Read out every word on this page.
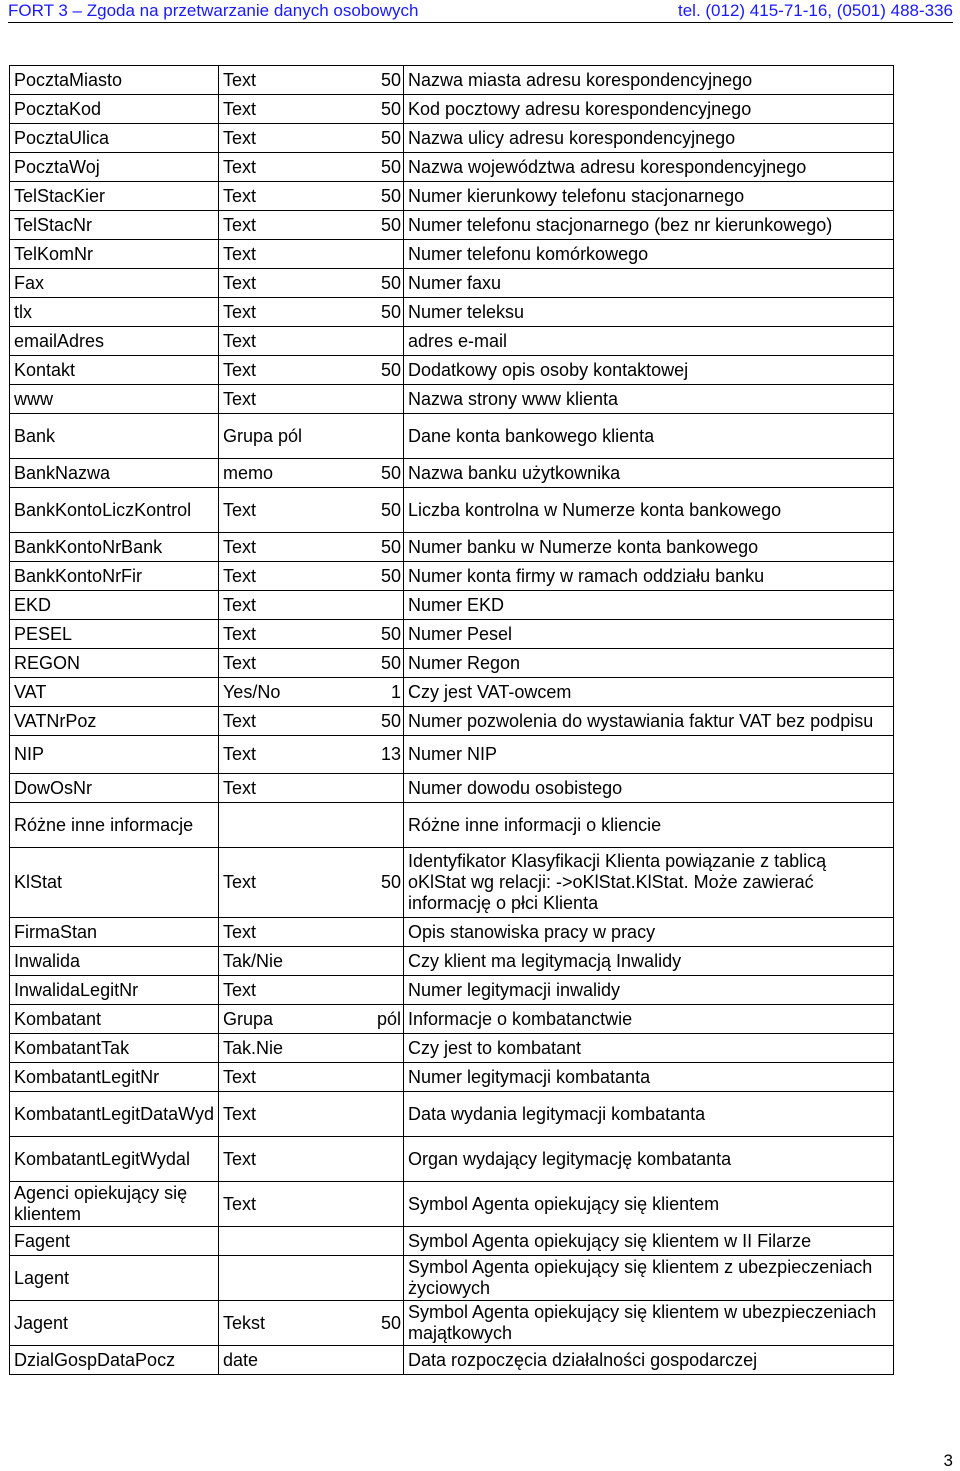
FORT 3 – Zgoda na przetwarzanie danych osobowych	tel. (012) 415-71-16, (0501) 488-336
PocztaMiasto	Text	50	Nazwa miasta adresu korespondencyjnego
PocztaKod	Text	50	Kod pocztowy adresu korespondencyjnego
PocztaUlica	Text	50	Nazwa ulicy adresu korespondencyjnego
PocztaWoj	Text	50	Nazwa województwa adresu korespondencyjnego
TelStacKier	Text	50	Numer kierunkowy telefonu stacjonarnego
TelStacNr	Text	50	Numer telefonu stacjonarnego (bez nr kierunkowego)
TelKomNr	Text		Numer telefonu komórkowego
Fax	Text	50	Numer faxu
tlx	Text	50	Numer teleksu
emailAdres	Text		adres e-mail
Kontakt	Text	50	Dodatkowy opis osoby kontaktowej
www	Text		Nazwa strony www klienta
Bank	Grupa pól		Dane konta bankowego klienta
BankNazwa	memo	50	Nazwa banku użytkownika
BankKontoLiczKontrol	Text	50	Liczba kontrolna w Numerze konta bankowego
BankKontoNrBank	Text	50	Numer banku w Numerze konta bankowego
BankKontoNrFir	Text	50	Numer konta firmy w ramach oddziału banku
EKD	Text		Numer EKD
PESEL	Text	50	Numer Pesel
REGON	Text	50	Numer Regon
VAT	Yes/No	1	Czy jest VAT-owcem
VATNrPoz	Text	50	Numer pozwolenia do wystawiania faktur VAT bez podpisu
NIP	Text	13	Numer NIP
DowOsNr	Text		Numer dowodu osobistego
Różne inne informacje			Różne inne informacji o kliencie
KlStat	Text	50	Identyfikator Klasyfikacji Klienta powiązanie z tablicą oKlStat wg relacji: ->oKlStat.KlStat. Może zawierać informację o płci Klienta
FirmaStan	Text		Opis stanowiska pracy w pracy
Inwalida	Tak/Nie		Czy klient ma legitymacją Inwalidy
InwalidaLegitNr	Text		Numer legitymacji inwalidy
Kombatant	Grupa	pól	Informacje o kombatanctwie
KombatantTak	Tak.Nie		Czy jest to kombatant
KombatantLegitNr	Text		Numer legitymacji kombatanta
KombatantLegitDataWyd	Text		Data wydania legitymacji kombatanta
KombatantLegitWydal	Text		Organ wydający legitymację kombatanta
Agenci opiekujący się klientem	Text		Symbol Agenta opiekujący się klientem
Fagent			Symbol Agenta opiekujący się klientem w II Filarze
Lagent			Symbol Agenta opiekujący się klientem z ubezpieczeniach życiowych
Jagent	Tekst	50	Symbol Agenta opiekujący się klientem w ubezpieczeniach majątkowych
DzialGospDataPocz	date		Data rozpoczęcia działalności gospodarczej
3
